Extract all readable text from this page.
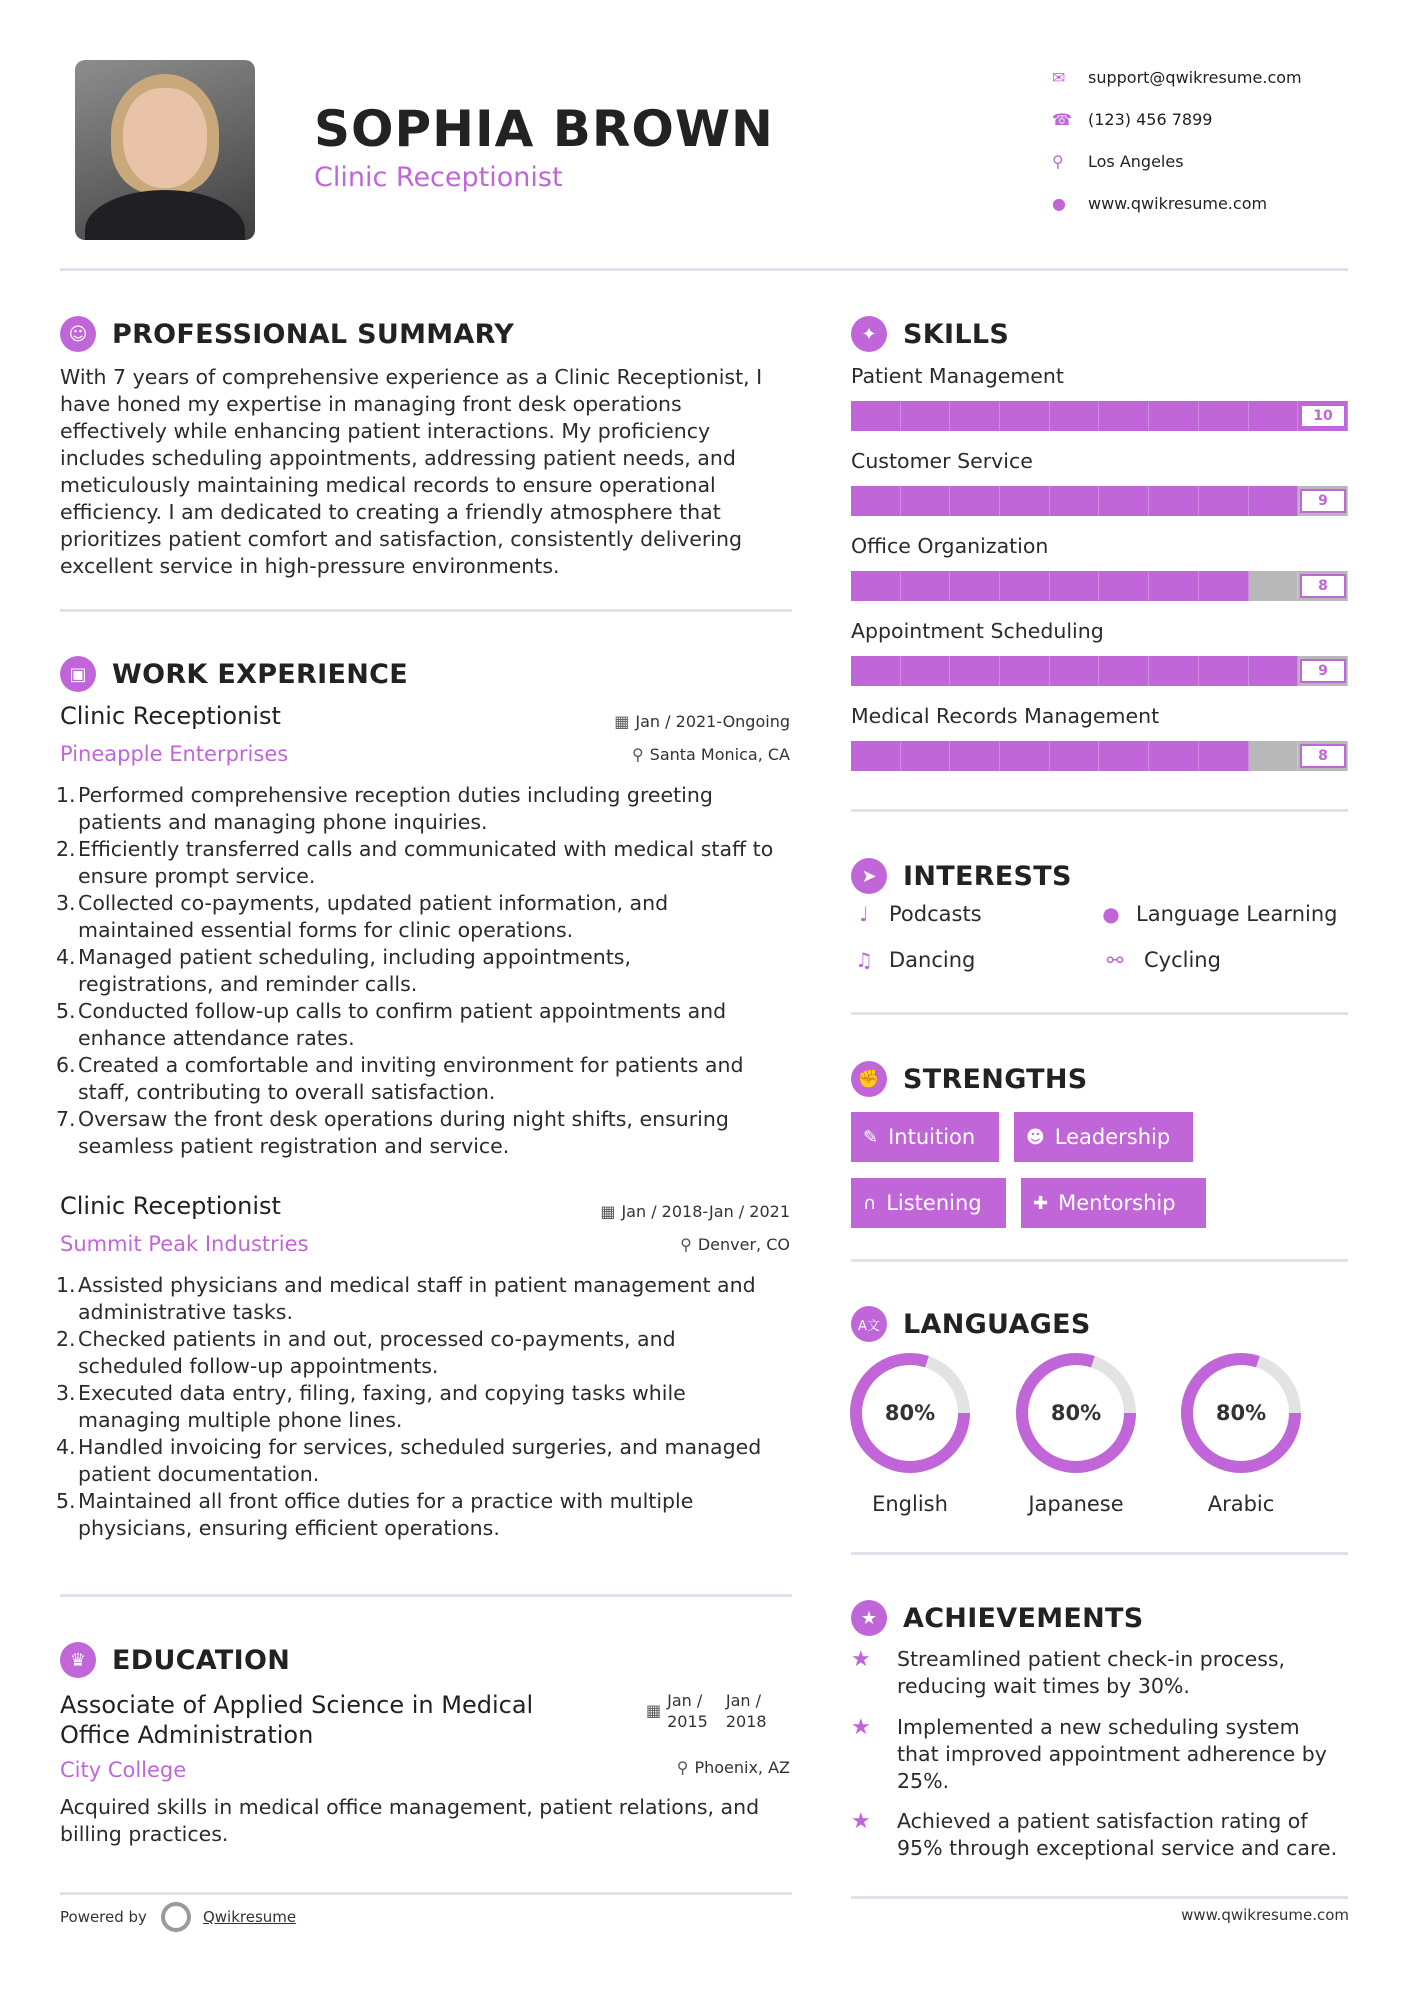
SOPHIA BROWN
Clinic Receptionist
✉	support@qwikresume.com
☎	(123) 456 7899
⚲	Los Angeles
●	www.qwikresume.com
☺ PROFESSIONAL SUMMARY
With 7 years of comprehensive experience as a Clinic Receptionist, I
have honed my expertise in managing front desk operations
effectively while enhancing patient interactions. My proficiency
includes scheduling appointments, addressing patient needs, and
meticulously maintaining medical records to ensure operational
efficiency. I am dedicated to creating a friendly atmosphere that
prioritizes patient comfort and satisfaction, consistently delivering
excellent service in high-pressure environments.
▣ WORK EXPERIENCE
Clinic Receptionist
Pineapple Enterprises
▦ Jan / 2021-Ongoing
⚲ Santa Monica, CA
Performed comprehensive reception duties including greeting
patients and managing phone inquiries.
Efficiently transferred calls and communicated with medical staff to
ensure prompt service.
Collected co-payments, updated patient information, and
maintained essential forms for clinic operations.
Managed patient scheduling, including appointments,
registrations, and reminder calls.
Conducted follow-up calls to confirm patient appointments and
enhance attendance rates.
Created a comfortable and inviting environment for patients and
staff, contributing to overall satisfaction.
Oversaw the front desk operations during night shifts, ensuring
seamless patient registration and service.
Clinic Receptionist
Summit Peak Industries
▦ Jan / 2018-Jan / 2021
⚲ Denver, CO
Assisted physicians and medical staff in patient management and
administrative tasks.
Checked patients in and out, processed co-payments, and
scheduled follow-up appointments.
Executed data entry, filing, faxing, and copying tasks while
managing multiple phone lines.
Handled invoicing for services, scheduled surgeries, and managed
patient documentation.
Maintained all front office duties for a practice with multiple
physicians, ensuring efficient operations.
♛ EDUCATION
Associate of Applied Science in Medical
Office Administration
City College
▦
Jan /
2015
Jan /
2018
⚲ Phoenix, AZ
Acquired skills in medical office management, patient relations, and
billing practices.
✦ SKILLS
Patient Management
10
Customer Service
9
Office Organization
8
Appointment Scheduling
9
Medical Records Management
8
➤ INTERESTS
♩ Podcasts	● Language Learning
♫ Dancing	⚯ Cycling
✊ STRENGTHS
✎ Intuition	☻ Leadership
∩ Listening	✚ Mentorship
A文 LANGUAGES
80%
English
80%
Japanese
80%
Arabic
★ ACHIEVEMENTS
★	Streamlined patient check-in process,
reducing wait times by 30%.
★	Implemented a new scheduling system
that improved appointment adherence by
25%.
★	Achieved a patient satisfaction rating of
95% through exceptional service and care.
Powered by	Qwikresume	www.qwikresume.com
